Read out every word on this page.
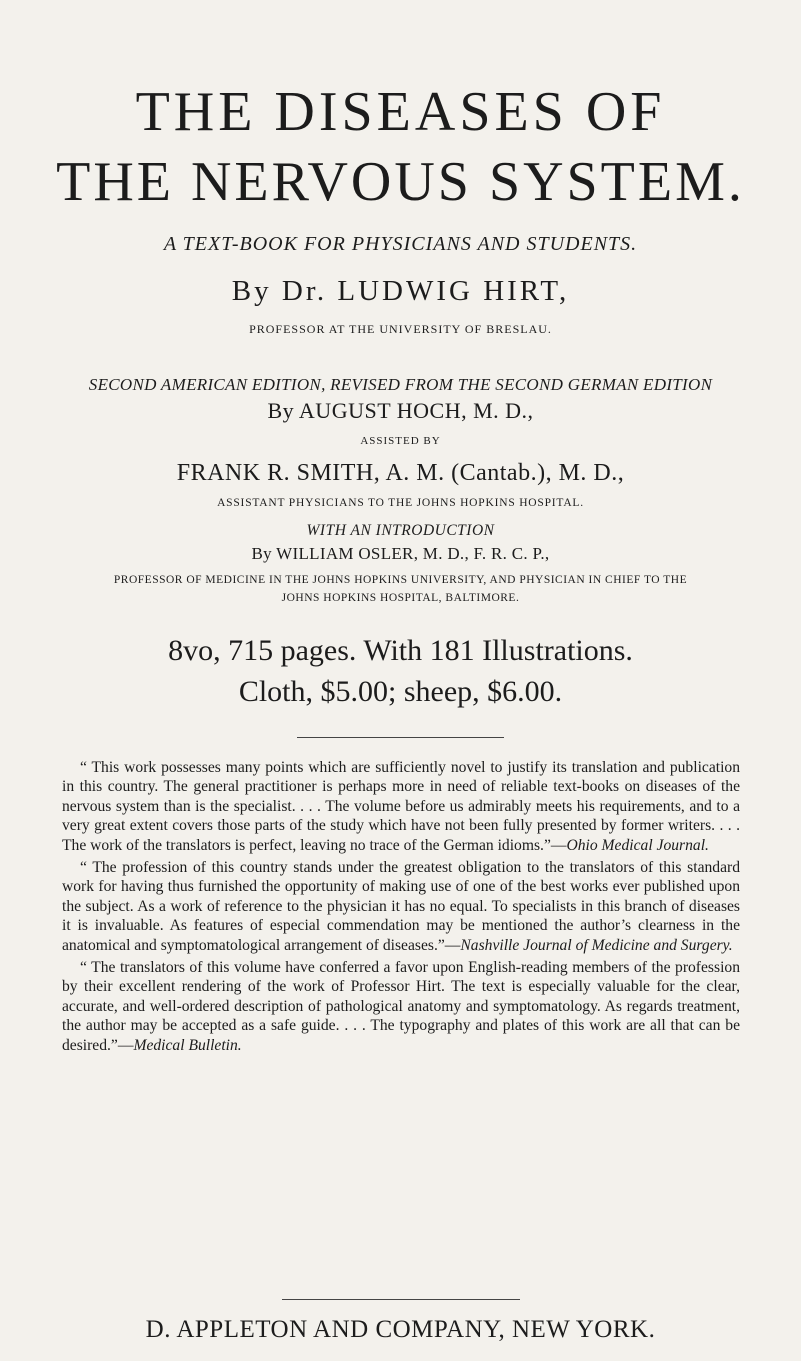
THE DISEASES OF
THE NERVOUS SYSTEM.
A TEXT-BOOK FOR PHYSICIANS AND STUDENTS.
By Dr. LUDWIG HIRT,
PROFESSOR AT THE UNIVERSITY OF BRESLAU.
SECOND AMERICAN EDITION, REVISED FROM THE SECOND GERMAN EDITION
By AUGUST HOCH, M. D.,
ASSISTED BY
FRANK R. SMITH, A. M. (Cantab.), M. D.,
ASSISTANT PHYSICIANS TO THE JOHNS HOPKINS HOSPITAL.
WITH AN INTRODUCTION
By WILLIAM OSLER, M. D., F. R. C. P.,
PROFESSOR OF MEDICINE IN THE JOHNS HOPKINS UNIVERSITY, AND PHYSICIAN IN CHIEF TO THE
JOHNS HOPKINS HOSPITAL, BALTIMORE.
8vo, 715 pages. With 181 Illustrations.
Cloth, $5.00; sheep, $6.00.

“ This work possesses many points which are sufficiently novel to justify its translation and publication in this country. The general practitioner is perhaps more in need of reliable text-books on diseases of the nervous system than is the specialist. . . . The volume before us admirably meets his requirements, and to a very great extent covers those parts of the study which have not been fully presented by former writers. . . . The work of the translators is perfect, leaving no trace of the German idioms.”—Ohio Medical Journal.

“ The profession of this country stands under the greatest obligation to the translators of this standard work for having thus furnished the opportunity of making use of one of the best works ever published upon the subject. As a work of reference to the physician it has no equal. To specialists in this branch of diseases it is invaluable. As features of especial commendation may be mentioned the author’s clearness in the anatomical and symptomatological arrangement of diseases.”—Nashville Journal of Medicine and Surgery.

“ The translators of this volume have conferred a favor upon English-reading members of the profession by their excellent rendering of the work of Professor Hirt. The text is especially valuable for the clear, accurate, and well-ordered description of pathological anatomy and symptomatology. As regards treatment, the author may be accepted as a safe guide. . . . The typography and plates of this work are all that can be desired.”—Medical Bulletin.

D. APPLETON AND COMPANY, NEW YORK.
